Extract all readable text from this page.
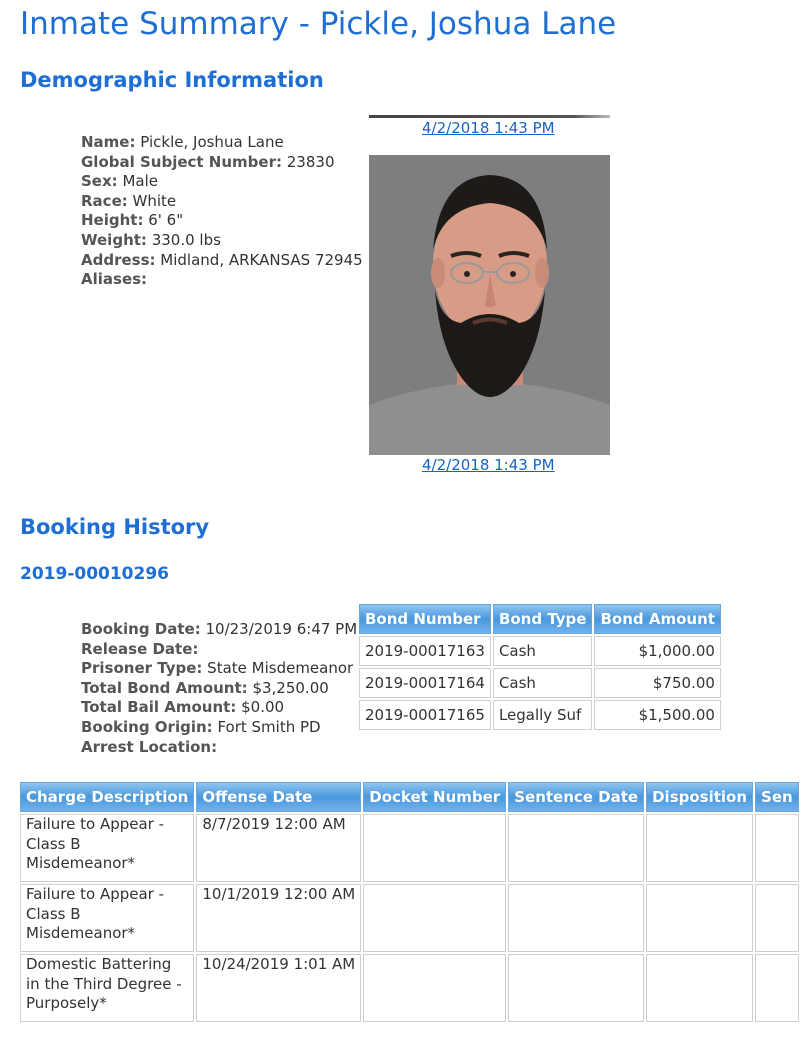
Inmate Summary - Pickle, Joshua Lane
Demographic Information
Name: Pickle, Joshua Lane
Global Subject Number: 23830
Sex: Male
Race: White
Height: 6' 6"
Weight: 330.0 lbs
Address: Midland, ARKANSAS 72945
Aliases:
4/2/2018 1:43 PM
4/2/2018 1:43 PM
Booking History
2019-00010296
Booking Date: 10/23/2019 6:47 PM
Release Date:
Prisoner Type: State Misdemeanor
Total Bond Amount: $3,250.00
Total Bail Amount: $0.00
Booking Origin: Fort Smith PD
Arrest Location:
Bond Number	Bond Type	Bond Amount
2019-00017163	Cash	$1,000.00
2019-00017164	Cash	$750.00
2019-00017165	Legally Suf	$1,500.00
Charge Description	Offense Date	Docket Number	Sentence Date	Disposition	Sen
Failure to Appear - Class B Misdemeanor*	8/7/2019 12:00 AM				
Failure to Appear - Class B Misdemeanor*	10/1/2019 12:00 AM				
Domestic Battering in the Third Degree - Purposely*	10/24/2019 1:01 AM				
